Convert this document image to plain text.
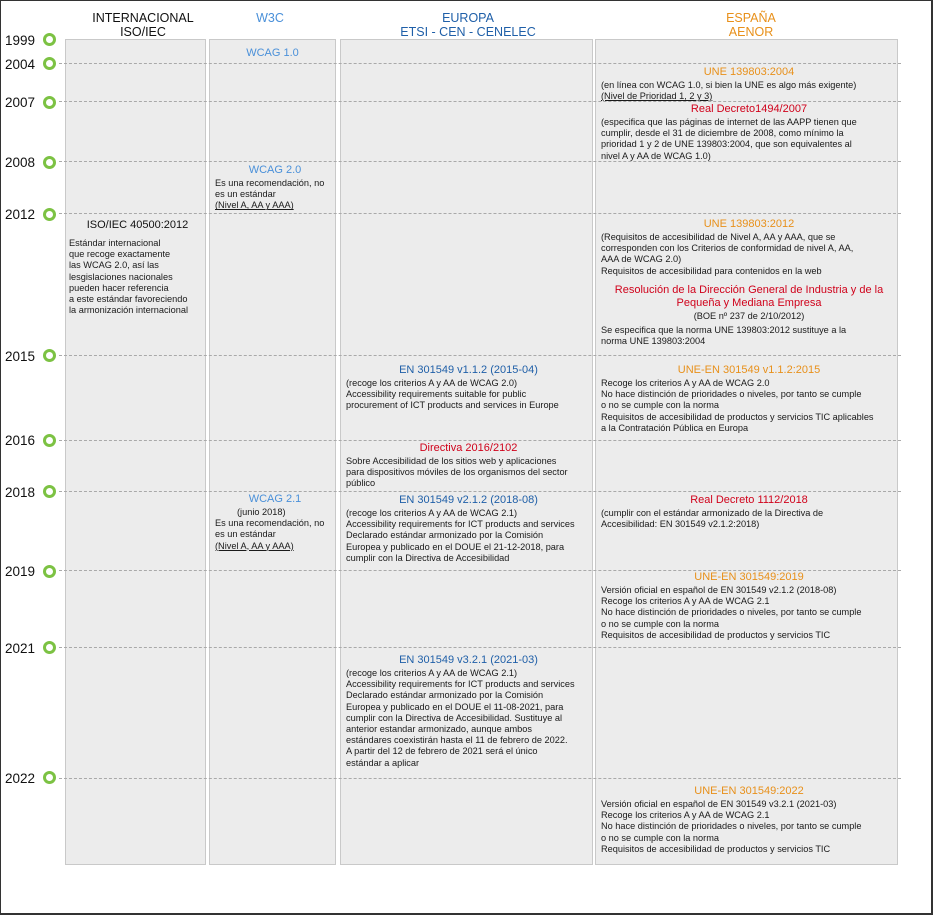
INTERNACIONAL
ISO/IEC
W3C	EUROPA
ETSI - CEN - CENELEC
ESPAÑA
AENOR
1999
2004
2007
2008
2012
2015
2016
2018
2019
2021
2022
WCAG 1.0
WCAG 2.0
Es una recomendación, no
es un estándar
(Nivel A, AA y AAA)
WCAG 2.1
(junio 2018)
Es una recomendación, no
es un estándar
(Nivel A, AA y AAA)
ISO/IEC 40500:2012
Estándar internacional
que recoge exactamente
las WCAG 2.0, así las
lesgislaciones nacionales
pueden hacer referencia
a este estándar favoreciendo
la armonización internacional
EN 301549 v1.1.2 (2015-04)
(recoge los criterios A y AA de WCAG 2.0)
Accessibility requirements suitable for public
procurement of ICT products and services in Europe
Directiva 2016/2102
Sobre Accesibilidad de los sitios web y aplicaciones
para dispositivos móviles de los organismos del sector
público
EN 301549 v2.1.2 (2018-08)
(recoge los criterios A y AA de WCAG 2.1)
Accessibility requirements for ICT products and services
Declarado estándar armonizado por la Comisión
Europea y publicado en el DOUE el 21-12-2018, para
cumplir con la Directiva de Accesibilidad
EN 301549 v3.2.1 (2021-03)
(recoge los criterios A y AA de WCAG 2.1)
Accessibility requirements for ICT products and services
Declarado estándar armonizado por la Comisión
Europea y publicado en el DOUE el 11-08-2021, para
cumplir con la Directiva de Accesibilidad. Sustituye al
anterior estandar armonizado, aunque ambos
estándares coexistirán hasta el 11 de febrero de 2022.
A partir del 12 de febrero de 2021 será el único
estándar a aplicar
UNE 139803:2004
(en línea con WCAG 1.0, si bien la UNE es algo más exigente)
(Nivel de Prioridad 1, 2 y 3)
Real Decreto1494/2007
(especifica que las páginas de internet de las AAPP tienen que
cumplir, desde el 31 de diciembre de 2008, como mínimo la
prioridad 1 y 2 de UNE 139803:2004, que son equivalentes al
nivel A y AA de WCAG 1.0)
UNE 139803:2012
(Requisitos de accesibilidad de Nivel A, AA y AAA, que se
corresponden con los Criterios de conformidad de nivel A, AA,
AAA de WCAG 2.0)
Requisitos de accesibilidad para contenidos en la web
Resolución de la Dirección General de Industria y de la
Pequeña y Mediana Empresa
(BOE nº 237 de 2/10/2012)
Se especifica que la norma UNE 139803:2012 sustituye a la
norma UNE 139803:2004
UNE-EN 301549 v1.1.2:2015
Recoge los criterios A y AA de WCAG 2.0
No hace distinción de prioridades o niveles, por tanto se cumple
o no se cumple con la norma
Requisitos de accesibilidad de productos y servicios TIC aplicables
a la Contratación Pública en Europa
Real Decreto 1112/2018
(cumplir con el estándar armonizado de la Directiva de
Accesibilidad: EN 301549 v2.1.2:2018)
UNE-EN 301549:2019
Versión oficial en español de EN 301549 v2.1.2 (2018-08)
Recoge los criterios A y AA de WCAG 2.1
No hace distinción de prioridades o niveles, por tanto se cumple
o no se cumple con la norma
Requisitos de accesibilidad de productos y servicios TIC
UNE-EN 301549:2022
Versión oficial en español de EN 301549 v3.2.1 (2021-03)
Recoge los criterios A y AA de WCAG 2.1
No hace distinción de prioridades o niveles, por tanto se cumple
o no se cumple con la norma
Requisitos de accesibilidad de productos y servicios TIC
